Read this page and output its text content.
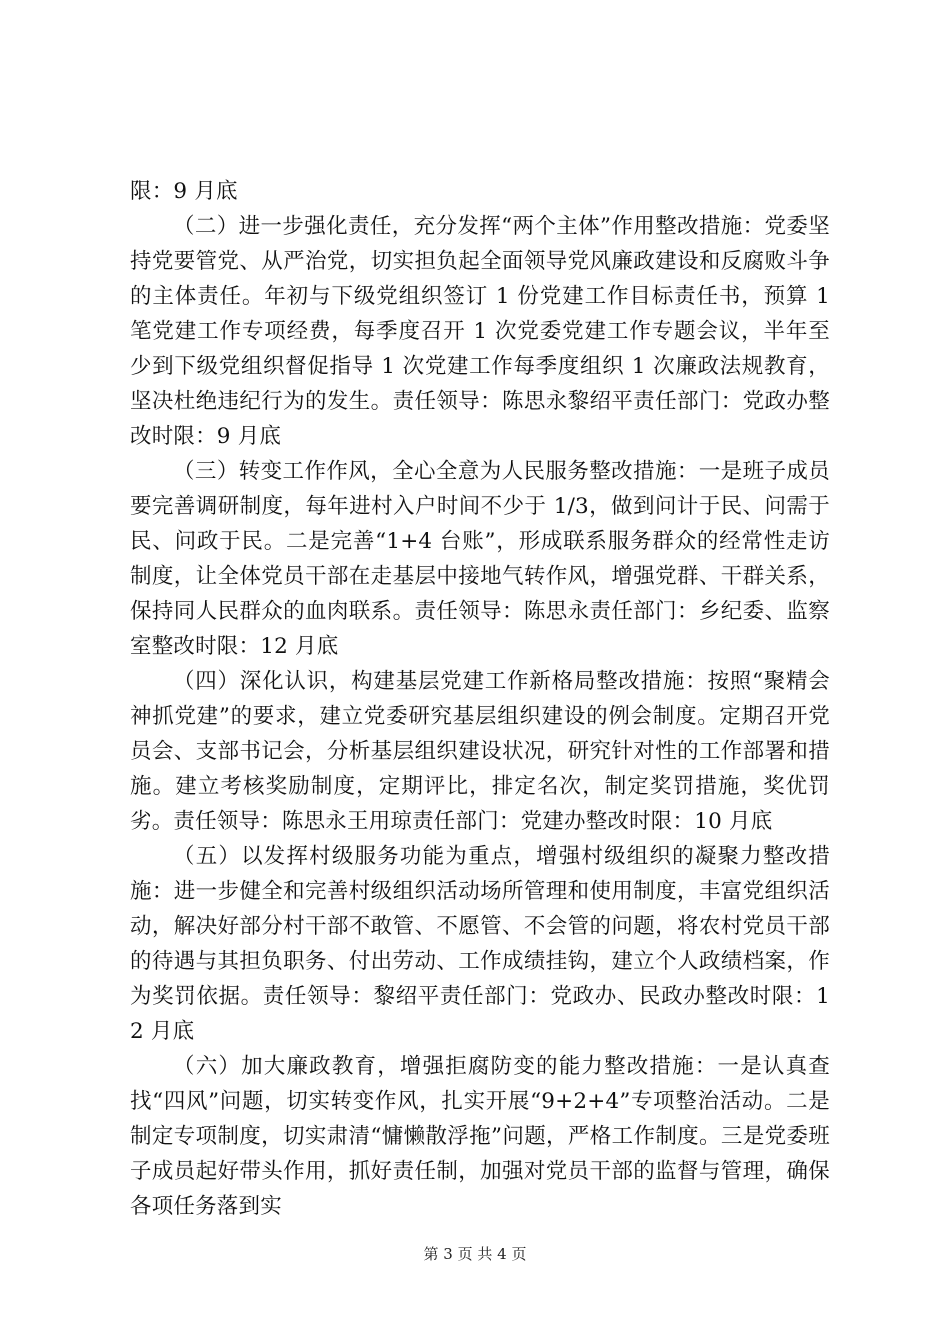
限：9 月底

（二）进一步强化责任，充分发挥“两个主体”作用整改措施：党委坚持党要管党、从严治党，切实担负起全面领导党风廉政建设和反腐败斗争的主体责任。年初与下级党组织签订 1 份党建工作目标责任书，预算 1 笔党建工作专项经费，每季度召开 1 次党委党建工作专题会议，半年至少到下级党组织督促指导 1 次党建工作每季度组织 1 次廉政法规教育，坚决杜绝违纪行为的发生。责任领导：陈思永黎绍平责任部门：党政办整改时限：9 月底

（三）转变工作作风，全心全意为人民服务整改措施：一是班子成员要完善调研制度，每年进村入户时间不少于 1/3，做到问计于民、问需于民、问政于民。二是完善“1+4 台账”，形成联系服务群众的经常性走访制度，让全体党员干部在走基层中接地气转作风，增强党群、干群关系，保持同人民群众的血肉联系。责任领导：陈思永责任部门：乡纪委、监察室整改时限：12 月底

（四）深化认识，构建基层党建工作新格局整改措施：按照“聚精会神抓党建”的要求，建立党委研究基层组织建设的例会制度。定期召开党员会、支部书记会，分析基层组织建设状况，研究针对性的工作部署和措施。建立考核奖励制度，定期评比，排定名次，制定奖罚措施，奖优罚劣。责任领导：陈思永王用琼责任部门：党建办整改时限：10 月底

（五）以发挥村级服务功能为重点，增强村级组织的凝聚力整改措施：进一步健全和完善村级组织活动场所管理和使用制度，丰富党组织活动，解决好部分村干部不敢管、不愿管、不会管的问题，将农村党员干部的待遇与其担负职务、付出劳动、工作成绩挂钩，建立个人政绩档案，作为奖罚依据。责任领导：黎绍平责任部门：党政办、民政办整改时限：12 月底

（六）加大廉政教育，增强拒腐防变的能力整改措施：一是认真查找“四风”问题，切实转变作风，扎实开展“9+2+4”专项整治活动。二是制定专项制度，切实肃清“慵懒散浮拖”问题，严格工作制度。三是党委班子成员起好带头作用，抓好责任制，加强对党员干部的监督与管理，确保各项任务落到实

第 3 页 共 4 页
